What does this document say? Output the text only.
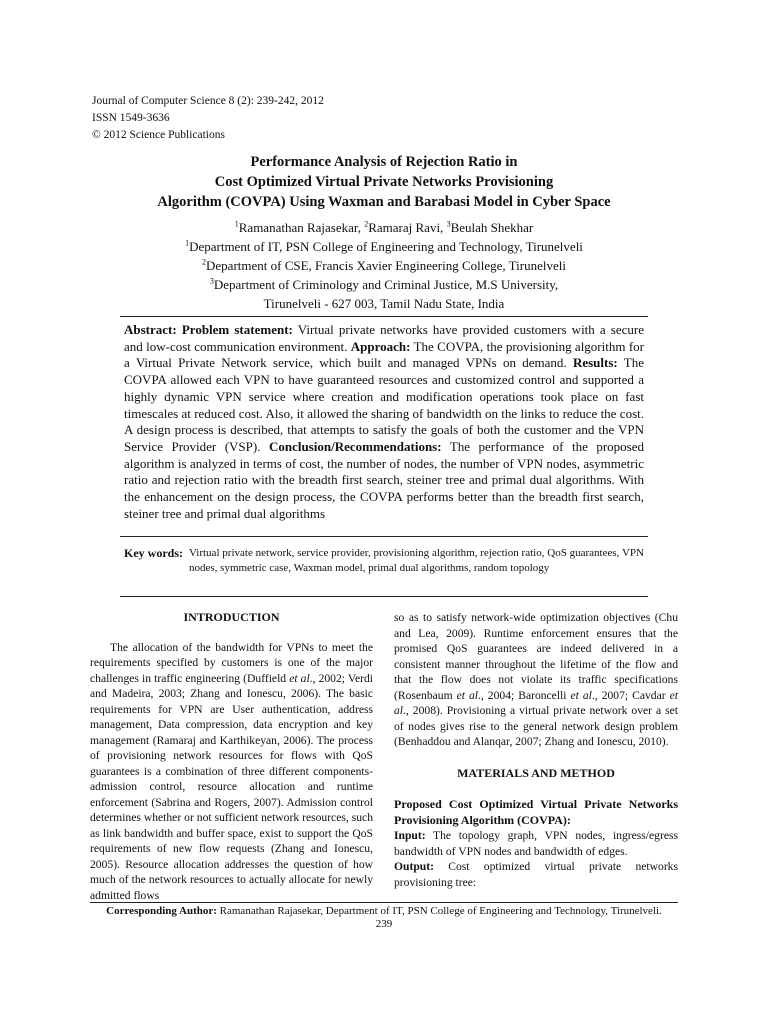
Journal of Computer Science 8 (2): 239-242, 2012
ISSN 1549-3636
© 2012 Science Publications
Performance Analysis of Rejection Ratio in
Cost Optimized Virtual Private Networks Provisioning
Algorithm (COVPA) Using Waxman and Barabasi Model in Cyber Space
$^1$Ramanathan Rajasekar, $^2$Ramaraj Ravi, $^3$Beulah Shekhar
$^1$Department of IT, PSN College of Engineering and Technology, Tirunelveli
$^2$Department of CSE, Francis Xavier Engineering College, Tirunelveli
$^3$Department of Criminology and Criminal Justice, M.S University,
Tirunelveli - 627 003, Tamil Nadu State, India
Abstract: Problem statement: Virtual private networks have provided customers with a secure and low-cost communication environment. Approach: The COVPA, the provisioning algorithm for a Virtual Private Network service, which built and managed VPNs on demand. Results: The COVPA allowed each VPN to have guaranteed resources and customized control and supported a highly dynamic VPN service where creation and modification operations took place on fast timescales at reduced cost. Also, it allowed the sharing of bandwidth on the links to reduce the cost. A design process is described, that attempts to satisfy the goals of both the customer and the VPN Service Provider (VSP). Conclusion/Recommendations: The performance of the proposed algorithm is analyzed in terms of cost, the number of nodes, the number of VPN nodes, asymmetric ratio and rejection ratio with the breadth first search, steiner tree and primal dual algorithms. With the enhancement on the design process, the COVPA performs better than the breadth first search, steiner tree and primal dual algorithms
Key words: Virtual private network, service provider, provisioning algorithm, rejection ratio, QoS guarantees, VPN nodes, symmetric case, Waxman model, primal dual algorithms, random topology
INTRODUCTION

The allocation of the bandwidth for VPNs to meet the requirements specified by customers is one of the major challenges in traffic engineering (Duffield et al., 2002; Verdi and Madeira, 2003; Zhang and Ionescu, 2006). The basic requirements for VPN are User authentication, address management, Data compression, data encryption and key management (Ramaraj and Karthikeyan, 2006). The process of provisioning network resources for flows with QoS guarantees is a combination of three different components-admission control, resource allocation and runtime enforcement (Sabrina and Rogers, 2007). Admission control determines whether or not sufficient network resources, such as link bandwidth and buffer space, exist to support the QoS requirements of new flow requests (Zhang and Ionescu, 2005). Resource allocation addresses the question of how much of the network resources to actually allocate for newly admitted flows

so as to satisfy network-wide optimization objectives (Chu and Lea, 2009). Runtime enforcement ensures that the promised QoS guarantees are indeed delivered in a consistent manner throughout the lifetime of the flow and that the flow does not violate its traffic specifications (Rosenbaum et al., 2004; Baroncelli et al., 2007; Cavdar et al., 2008). Provisioning a virtual private network over a set of nodes gives rise to the general network design problem (Benhaddou and Alanqar, 2007; Zhang and Ionescu, 2010).

MATERIALS AND METHOD
Proposed Cost Optimized Virtual Private Networks Provisioning Algorithm (COVPA):

Input: The topology graph, VPN nodes, ingress/egress bandwidth of VPN nodes and bandwidth of edges.

Output: Cost optimized virtual private networks provisioning tree:

Corresponding Author: Ramanathan Rajasekar, Department of IT, PSN College of Engineering and Technology, Tirunelveli.
239
